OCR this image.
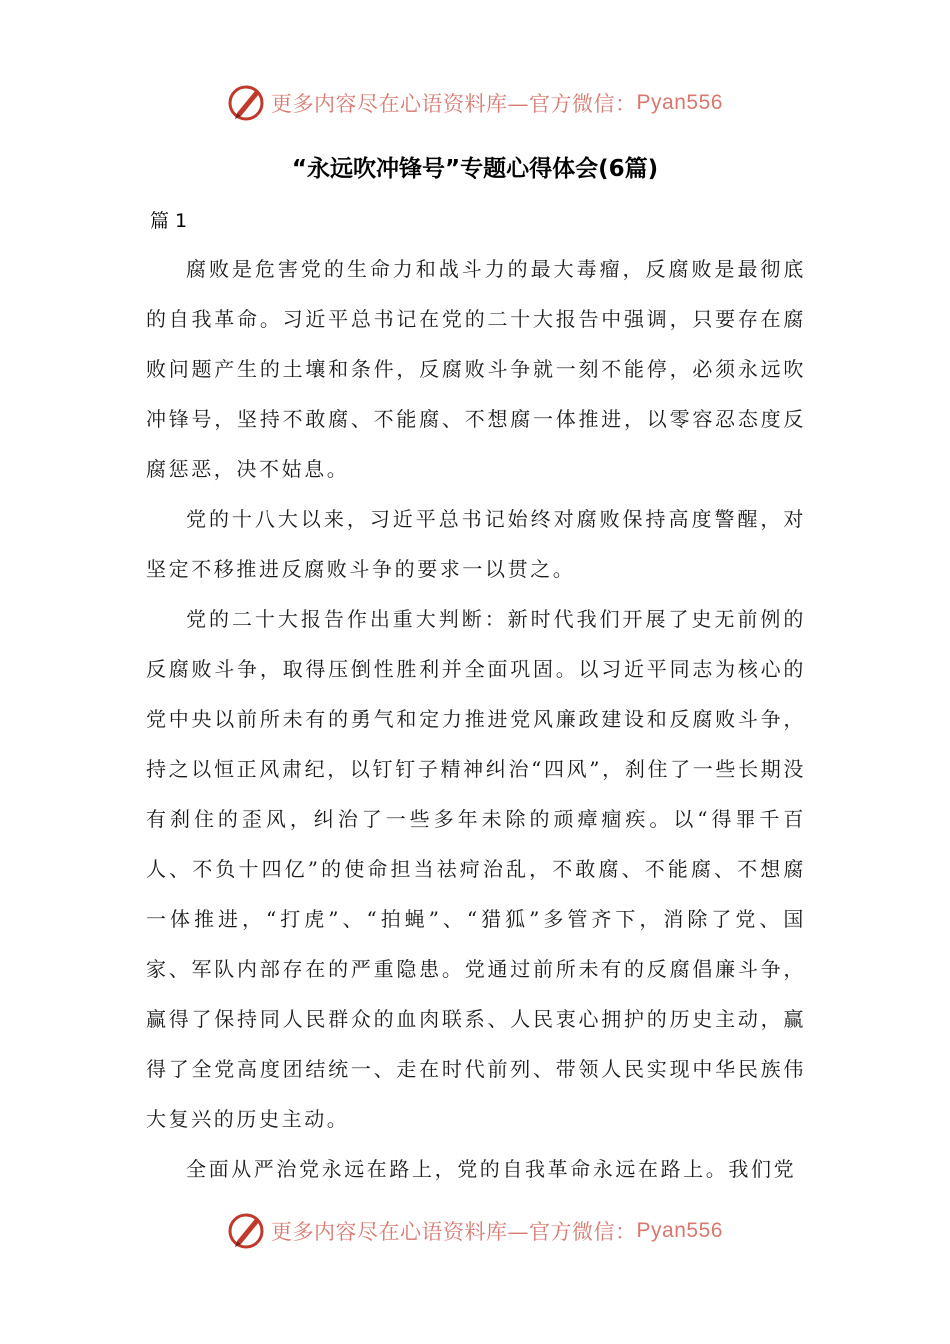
更多内容尽在心语资料库—官方微信： Pyan556
“永远吹冲锋号”专题心得体会(6篇)
篇 1

腐败是危害党的生命力和战斗力的最大毒瘤，反腐败是最彻底的自我革命。习近平总书记在党的二十大报告中强调，只要存在腐败问题产生的土壤和条件，反腐败斗争就一刻不能停，必须永远吹冲锋号，坚持不敢腐、不能腐、不想腐一体推进，以零容忍态度反腐惩恶，决不姑息。

党的十八大以来，习近平总书记始终对腐败保持高度警醒，对坚定不移推进反腐败斗争的要求一以贯之。

党的二十大报告作出重大判断：新时代我们开展了史无前例的反腐败斗争，取得压倒性胜利并全面巩固。以习近平同志为核心的党中央以前所未有的勇气和定力推进党风廉政建设和反腐败斗争，持之以恒正风肃纪，以钉钉子精神纠治“四风”，刹住了一些长期没有刹住的歪风，纠治了一些多年未除的顽瘴痼疾。以“得罪千百人、不负十四亿”的使命担当祛疴治乱，不敢腐、不能腐、不想腐一体推进，“打虎”、“拍蝇”、“猎狐”多管齐下，消除了党、国家、军队内部存在的严重隐患。党通过前所未有的反腐倡廉斗争，赢得了保持同人民群众的血肉联系、人民衷心拥护的历史主动，赢得了全党高度团结统一、走在时代前列、带领人民实现中华民族伟大复兴的历史主动。

全面从严治党永远在路上，党的自我革命永远在路上。我们党

更多内容尽在心语资料库—官方微信： Pyan556
